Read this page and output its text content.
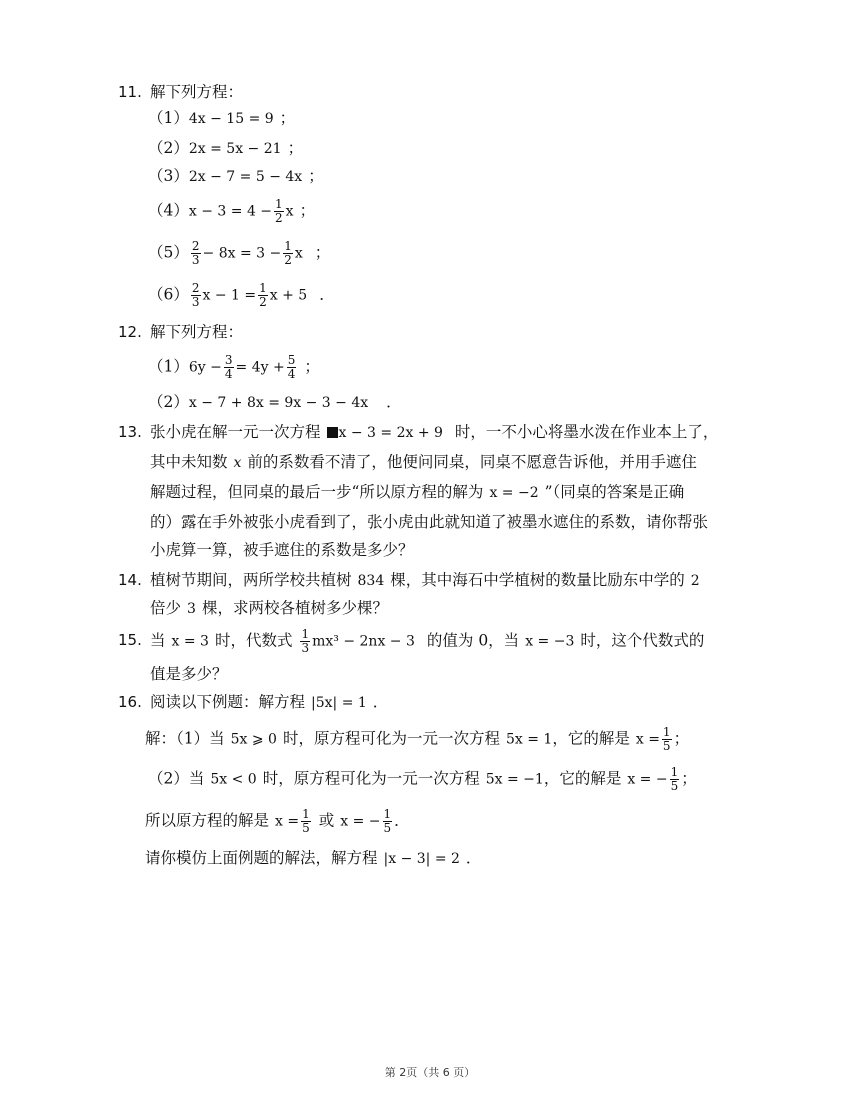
11. 解下列方程：
（1）4x − 15 = 9 ；
（2）2x = 5x − 21 ；
（3）2x − 7 = 5 − 4x ；
$(4)x - 3 = 4 - \frac{1}{2}$ x ；
$(5) \frac{2}{3} - 8x = 3 - \frac{1}{2}$ x ；
$(6) \frac{2}{3}$ $x - 1 = \frac{1}{2}$ x + 5 ．
12. 解下列方程：
$(1)6y - \frac{3}{4} = 4y + \frac{5}{4}$ ；
（2）x − 7 + 8x = 9x − 3 − 4x ．
13. 张小虎在解一元一次方程 x − 3 = 2x + 9 时，一不小心将墨水泼在作业本上了，
其中未知数 x 前的系数看不清了，他便问同桌，同桌不愿意告诉他，并用手遮住
解题过程，但同桌的最后一步“所以原方程的解为 x = −2 ”（同桌的答案是正确
的）露在手外被张小虎看到了，张小虎由此就知道了被墨水遮住的系数，请你帮张
小虎算一算，被手遮住的系数是多少？
14. 植树节期间，两所学校共植树 834 棵，其中海石中学植树的数量比励东中学的 2
倍少 3 棵，求两校各植树多少棵？
15. 当 x = 3 时，代数式 $\frac{1}{3} mx^3 - 2nx - 3$ 的值为 0，当 x = −3 时，这个代数式的
值是多少？
16. 阅读以下例题：解方程 |5x| = 1 ．
解：（1）当 5x ⩾ 0 时，原方程可化为一元一次方程 5x = 1，它的解是 $x = \frac{1}{5}$ ；
（2）当 5x < 0 时，原方程可化为一元一次方程 5x = −1，它的解是 x = − $\frac{1}{5}$ ；
所以原方程的解是 $x = \frac{1}{5}$ 或 x = − $\frac{1}{5}$ ．
请你模仿上面例题的解法，解方程 |x − 3| = 2 ．
第 2页（共 6 页）
